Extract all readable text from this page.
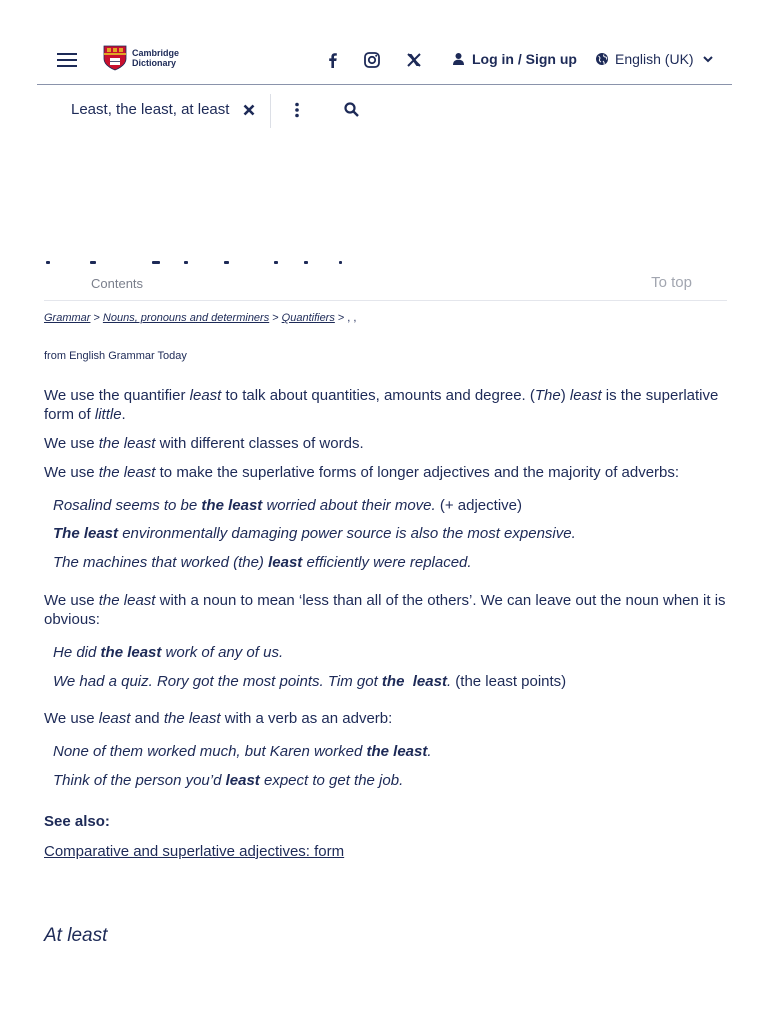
Cambridge
Dictionary	Log in / Sign up	English (UK)
Least, the least, at least
Contents	To top
Grammar > Nouns, pronouns and determiners > Quantifiers > , ,
from English Grammar Today
We use the quantifier least to talk about quantities, amounts and degree. (The) least is the superlative form of little.
We use the least with different classes of words.
We use the least to make the superlative forms of longer adjectives and the majority of adverbs:
Rosalind seems to be the least worried about their move. (+ adjective)
The least environmentally damaging power source is also the most expensive.
The machines that worked (the) least efficiently were replaced.
We use the least with a noun to mean ‘less than all of the others’. We can leave out the noun when it is obvious:
He did the least work of any of us.
We had a quiz. Rory got the most points. Tim got the  least. (the least points)
We use least and the least with a verb as an adverb:
None of them worked much, but Karen worked the least.
Think of the person you’d least expect to get the job.
See also:
Comparative and superlative adjectives: form
At least
